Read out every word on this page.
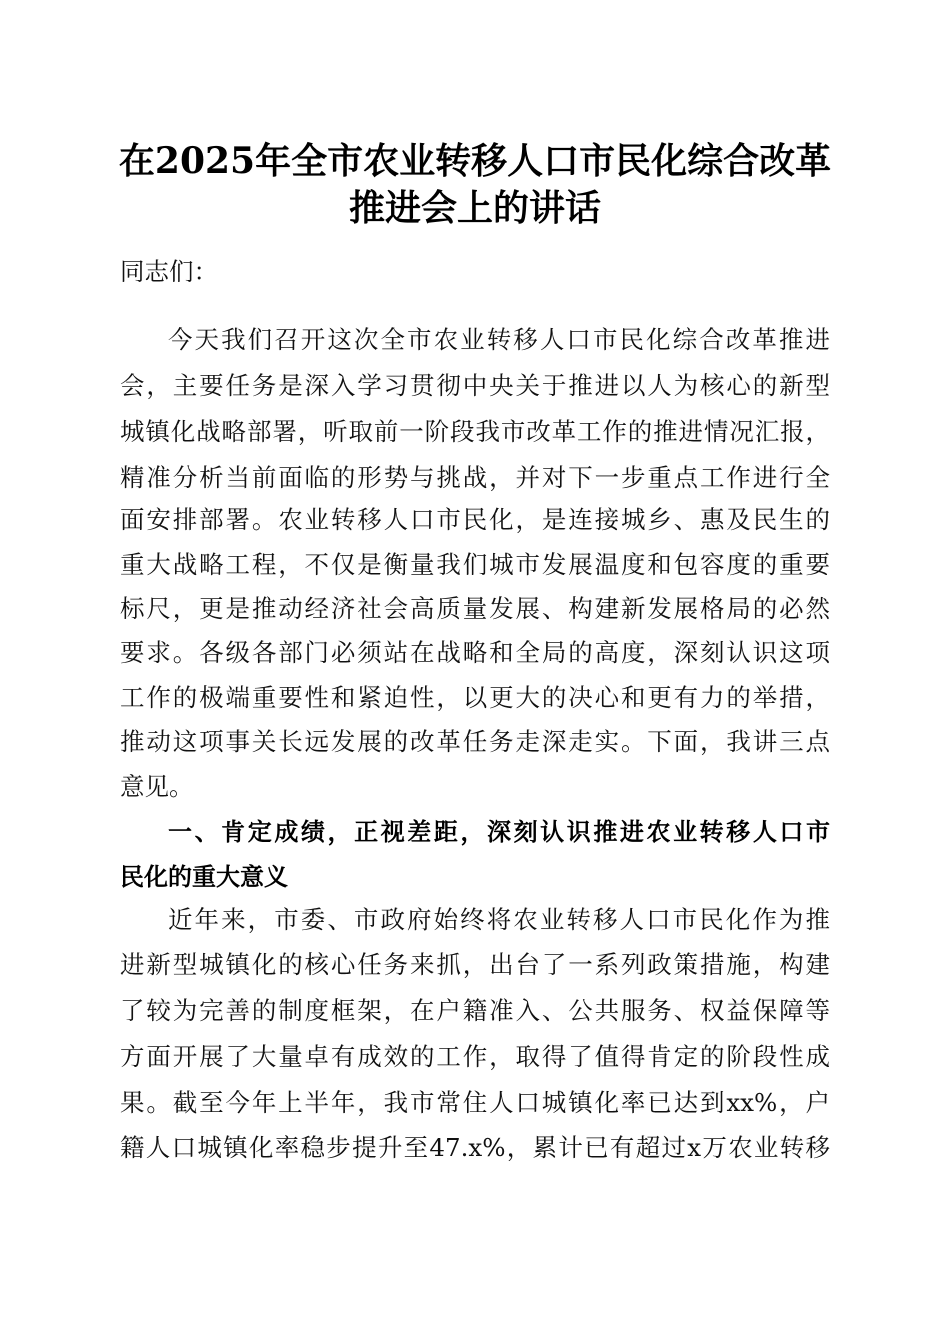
在2025年全市农业转移人口市民化综合改革
推进会上的讲话
同志们：
今天我们召开这次全市农业转移人口市民化综合改革推进
会，主要任务是深入学习贯彻中央关于推进以人为核心的新型
城镇化战略部署，听取前一阶段我市改革工作的推进情况汇报，
精准分析当前面临的形势与挑战，并对下一步重点工作进行全
面安排部署。农业转移人口市民化，是连接城乡、惠及民生的
重大战略工程，不仅是衡量我们城市发展温度和包容度的重要
标尺，更是推动经济社会高质量发展、构建新发展格局的必然
要求。各级各部门必须站在战略和全局的高度，深刻认识这项
工作的极端重要性和紧迫性，以更大的决心和更有力的举措，
推动这项事关长远发展的改革任务走深走实。下面，我讲三点
意见。
一、肯定成绩，正视差距，深刻认识推进农业转移人口市
民化的重大意义
近年来，市委、市政府始终将农业转移人口市民化作为推
进新型城镇化的核心任务来抓，出台了一系列政策措施，构建
了较为完善的制度框架，在户籍准入、公共服务、权益保障等
方面开展了大量卓有成效的工作，取得了值得肯定的阶段性成
果。截至今年上半年，我市常住人口城镇化率已达到xx%，户
籍人口城镇化率稳步提升至47.x%，累计已有超过x万农业转移
